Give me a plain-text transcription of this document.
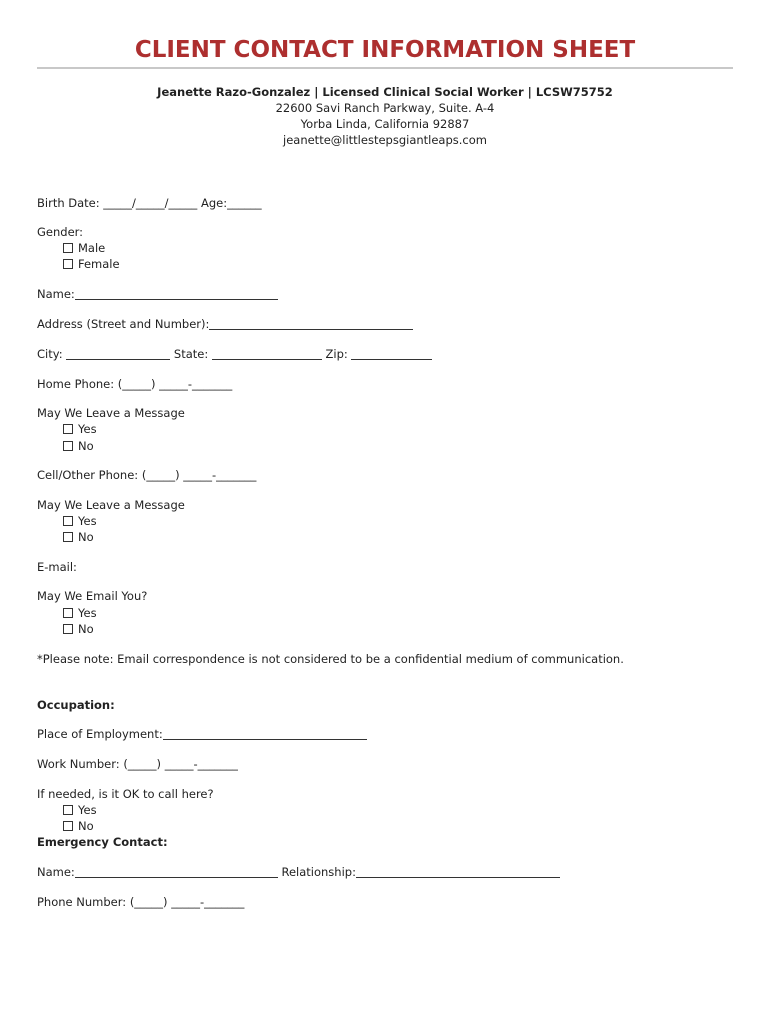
CLIENT CONTACT INFORMATION SHEET
Jeanette Razo-Gonzalez | Licensed Clinical Social Worker | LCSW75752
22600 Savi Ranch Parkway, Suite. A-4
Yorba Linda, California 92887
jeanette@littlestepsgiantleaps.com
Birth Date: _____/_____/_____ Age:______
Gender:
Male
Female
Name:
Address (Street and Number):
City:	State:	Zip:
Home Phone: (_____) _____-_______
May We Leave a Message
Yes
No
Cell/Other Phone: (_____) _____-_______
May We Leave a Message
Yes
No
E-mail:
May We Email You?
Yes
No
*Please note: Email correspondence is not considered to be a confidential medium of communication.
Occupation:
Place of Employment:
Work Number: (_____) _____-_______
If needed, is it OK to call here?
Yes
No
Emergency Contact:
Name:	Relationship:
Phone Number: (_____) _____-_______
